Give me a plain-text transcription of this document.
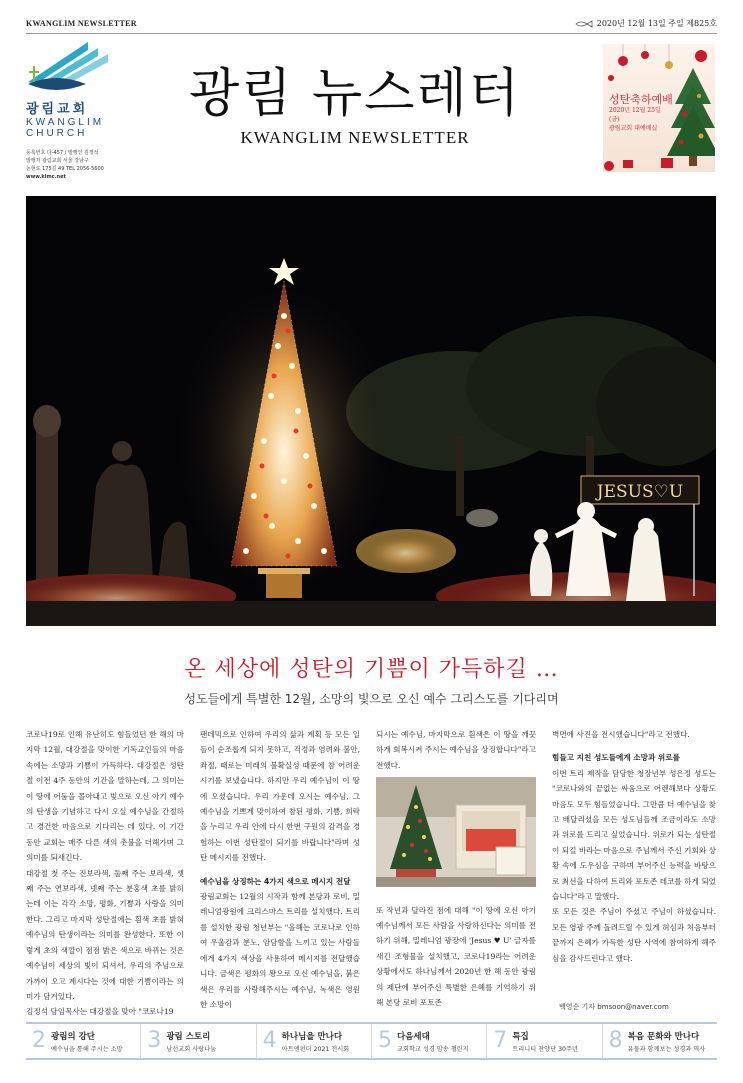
KWANGLIM NEWSLETTER	2020년 12월 13일 주일 제825호
광림교회
KWANGLIM
CHURCH
등록번호 다-457 / 발행인 김정석
발행처 광림교회 서울 강남구
논현로 175길 49 TEL 2056-5600
www.klmc.net
광림 뉴스레터
KWANGLIM NEWSLETTER
성탄축하예배
2020년 12월 25일(금)
광림교회 대예배실
JESUS♡U
온 세상에 성탄의 기쁨이 가득하길 …
성도들에게 특별한 12월, 소망의 빛으로 오신 예수 그리스도를 기다리며

코로나19로 인해 유난히도 힘들었던 한 해의 마지막 12월, 대강절을 맞이한 기독교인들의 마음속에는 소망과 기쁨이 가득하다. 대강절은 성탄절 이전 4주 동안의 기간을 말하는데, 그 의미는 이 땅에 어둠을 몰아내고 빛으로 오신 아기 예수의 탄생을 기념하고 다시 오실 예수님을 간절하고 경건한 마음으로 기다리는 데 있다. 이 기간 동안 교회는 매주 다른 색의 촛불을 더해가며 그 의미를 되새긴다.

대강절 첫 주는 진보라색, 둘째 주는 보라색, 셋째 주는 연보라색, 넷째 주는 분홍색 초를 밝히는데 이는 각각 소망, 평화, 기쁨과 사랑을 의미한다. 그리고 마지막 성탄절에는 흰색 초를 밝혀 예수님의 탄생이라는 의미를 완성한다. 또한 이렇게 초의 색깔이 점점 밝은 색으로 바뀌는 것은 예수님이 세상의 빛이 되셔서, 우리의 주님으로 가까이 오고 계시다는 것에 대한 기쁨이라는 의미가 담겨있다.

김정석 담임목사는 대강절을 맞아 "코로나19

팬데믹으로 인하여 우리의 삶과 계획 등 모든 일들이 순조롭게 되지 못하고, 걱정과 염려와 불안, 좌절, 때로는 미래의 불확실성 때문에 참 어려운 시기를 보냈습니다. 하지만 우리 예수님이 이 땅에 오셨습니다. 우리 가운데 오시는 예수님, 그 예수님을 기쁘게 맞이하여 참된 평화, 기쁨, 희락을 누리고 우리 안에 다시 한번 구원의 감격을 경험하는 이번 성탄절이 되기를 바랍니다"라며 성탄 메시지를 전했다.

예수님을 상징하는 4가지 색으로 메시지 전달

광림교회는 12월의 시작과 함께 본당과 로비, 밀레니엄광원에 크리스마스 트리를 설치했다. 트리를 설치한 광림 청년부는 "올해는 코로나로 인하여 우울감과 분노, 암담함을 느끼고 있는 사람들에게 4가지 색상을 사용하여 메시지를 전달했습니다. 금색은 평화의 왕으로 오신 예수님을, 붉은색은 우리를 사랑해주시는 예수님, 녹색은 영원한 소망이

되시는 예수님, 마지막으로 흰색은 이 땅을 깨끗하게 회복시켜 주시는 예수님을 상징합니다"라고 전했다.

또 작년과 달라진 점에 대해 "이 땅에 오신 아기 예수님께서 모든 사람을 사랑하신다는 의미를 전하기 위해, 밀레니엄 광장에 'Jesus ♥ U' 글자를 새긴 조형물을 설치했고, 코로나19라는 어려운 상황에서도 하나님께서 2020년 한 해 동안 광림의 제단에 부어주신 특별한 은혜를 기억하기 위해 본당 로비 포토존

벽면에 사진을 전시했습니다"라고 전했다.

힘들고 지친 성도들에게 소망과 위로를

이번 트리 제작을 담당한 청장년부 성은정 성도는 "코로나와의 끝없는 싸움으로 어렌해보다 상황도 마음도 모두 힘들었습니다. 그만큼 더 예수님을 찾고 배달리셨을 모든 성도님들께 조금이라도 소망과 위로를 드리고 싶었습니다. 위로가 되는 성탄절이 되길 바라는 마음으로 주님께서 주신 기회와 상황 속에 도우심을 구하며 부어주신 능력을 바탕으로 최선을 다하여 트리와 포토존 데코를 하게 되었습니다"라고 말했다.

또 모든 것은 주님이 주셨고 주님이 하셨습니다. 모든 영광 주께 돌려드릴 수 있게 허심과 처음부터 끝까지 은혜가 가득한 성탄 사역에 참여하게 해주심을 감사드린다고 했다.

백영순 기자 bmsoon@naver.com
2 광림의 강단
예수님을 통해 주시는 소망 3 광림 스토리
남선교회 사랑나눔 4 하나님을 만나다
아트앤펀더 2021 전시회 5 다음세대
교회학교 성경 암송 챌린지 7 특집
트리니티 찬양단 30주년 8 복음 문화와 만나다
유물과 함께보는 성경과 역사
